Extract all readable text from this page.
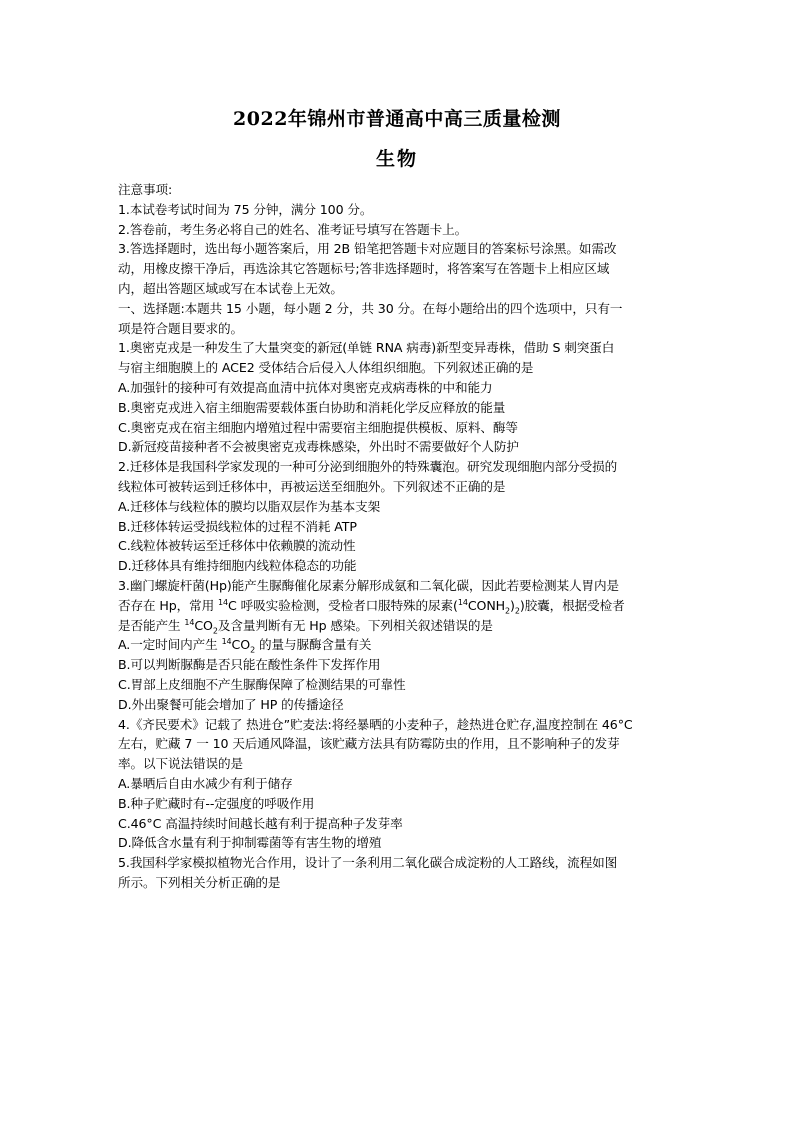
2022年锦州市普通高中高三质量检测
生物
注意事项:
1.本试卷考试时间为 75 分钟，满分 100 分。
2.答卷前，考生务必将自己的姓名、准考证号填写在答题卡上。
3.答选择题时，选出每小题答案后，用 2B 铅笔把答题卡对应题目的答案标号涂黑。如需改
动，用橡皮擦干净后，再选涂其它答题标号;答非选择题时，将答案写在答题卡上相应区域
内，超出答题区域或写在本试卷上无效。
一、选择题:本题共 15 小题，每小题 2 分，共 30 分。在每小题给出的四个选项中，只有一
项是符合题目要求的。
1.奥密克戎是一种发生了大量突变的新冠(单链 RNA 病毒)新型变异毒株，借助 S 刺突蛋白
与宿主细胞膜上的 ACE2 受体结合后侵入人体组织细胞。下列叙述正确的是
A.加强针的接种可有效提高血清中抗体对奥密克戎病毒株的中和能力
B.奥密克戎进入宿主细胞需要载体蛋白协助和消耗化学反应释放的能量
C.奥密克戎在宿主细胞内增殖过程中需要宿主细胞提供模板、原料、酶等
D.新冠疫苗接种者不会被奥密克戎毒株感染，外出时不需要做好个人防护
2.迁移体是我国科学家发现的一种可分泌到细胞外的特殊囊泡。研究发现细胞内部分受损的
线粒体可被转运到迁移体中，再被运送至细胞外。下列叙述不正确的是
A.迁移体与线粒体的膜均以脂双层作为基本支架
B.迁移体转运受损线粒体的过程不消耗 ATP
C.线粒体被转运至迁移体中依赖膜的流动性
D.迁移体具有维持细胞内线粒体稳态的功能
3.幽门螺旋杆菌(Hp)能产生脲酶催化尿素分解形成氨和二氧化碳，因此若要检测某人胃内是
否存在 Hp，常用 $^{14}$C 呼吸实验检测，受检者口服特殊的尿素$(^{14}CONH_2)_2$)胶囊，根据受检者
是否能产生 $^{14}CO_2$及含量判断有无 Hp 感染。下列相关叙述错误的是
A.一定时间内产生 $^{14}CO_2$ 的量与脲酶含量有关
B.可以判断脲酶是否只能在酸性条件下发挥作用
C.胃部上皮细胞不产生脲酶保障了检测结果的可靠性
D.外出聚餐可能会增加了 HP 的传播途径
4.《齐民要术》记载了 热进仓”贮麦法:将经暴晒的小麦种子，趁热进仓贮存,温度控制在 46°C
左右，贮藏 7 一 10 天后通风降温，该贮藏方法具有防霉防虫的作用，且不影响种子的发芽
率。以下说法错误的是
A.暴晒后自由水减少有利于储存
B.种子贮藏时有--定强度的呼吸作用
C.46°C 高温持续时间越长越有利于提高种子发芽率
D.降低含水量有利于抑制霉菌等有害生物的增殖
5.我国科学家模拟植物光合作用，设计了一条利用二氧化碳合成淀粉的人工路线，流程如图
所示。下列相关分析正确的是
